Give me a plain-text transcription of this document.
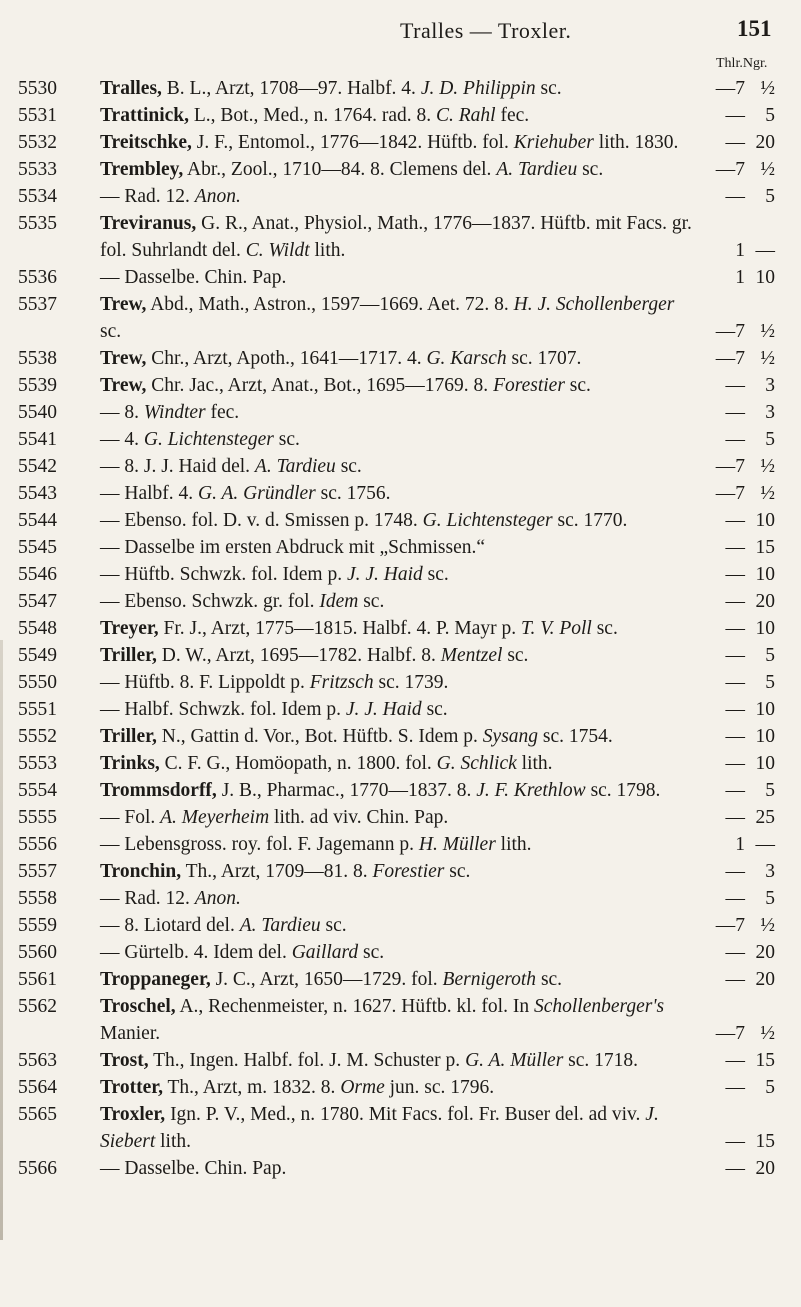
Tralles — Troxler.	151
Thlr.Ngr.
5530	Tralles, B. L., Arzt, 1708—97. Halbf. 4. J. D. Philippin sc.	—7 ½
5531	Trattinick, L., Bot., Med., n. 1764. rad. 8. C. Rahl fec.	— 5
5532	Treitschke, J. F., Entomol., 1776—1842. Hüftb. fol. Kriehuber lith. 1830.	— 20
5533	Trembley, Abr., Zool., 1710—84. 8. Clemens del. A. Tardieu sc.	—7 ½
5534	— Rad. 12. Anon.	— 5
5535	Treviranus, G. R., Anat., Physiol., Math., 1776—1837. Hüftb. mit Facs. gr. fol. Suhrlandt del. C. Wildt lith.	1 —
5536	— Dasselbe. Chin. Pap.	1 10
5537	Trew, Abd., Math., Astron., 1597—1669. Aet. 72. 8. H. J. Schollenberger sc.	—7 ½
5538	Trew, Chr., Arzt, Apoth., 1641—1717. 4. G. Karsch sc. 1707.	—7 ½
5539	Trew, Chr. Jac., Arzt, Anat., Bot., 1695—1769. 8. Forestier sc.	— 3
5540	— 8. Windter fec.	— 3
5541	— 4. G. Lichtensteger sc.	— 5
5542	— 8. J. J. Haid del. A. Tardieu sc.	—7 ½
5543	— Halbf. 4. G. A. Gründler sc. 1756.	—7 ½
5544	— Ebenso. fol. D. v. d. Smissen p. 1748. G. Lichtensteger sc. 1770.	— 10
5545	— Dasselbe im ersten Abdruck mit „Schmissen.“	— 15
5546	— Hüftb. Schwzk. fol. Idem p. J. J. Haid sc.	— 10
5547	— Ebenso. Schwzk. gr. fol. Idem sc.	— 20
5548	Treyer, Fr. J., Arzt, 1775—1815. Halbf. 4. P. Mayr p. T. V. Poll sc.	— 10
5549	Triller, D. W., Arzt, 1695—1782. Halbf. 8. Mentzel sc.	— 5
5550	— Hüftb. 8. F. Lippoldt p. Fritzsch sc. 1739.	— 5
5551	— Halbf. Schwzk. fol. Idem p. J. J. Haid sc.	— 10
5552	Triller, N., Gattin d. Vor., Bot. Hüftb. S. Idem p. Sysang sc. 1754.	— 10
5553	Trinks, C. F. G., Homöopath, n. 1800. fol. G. Schlick lith.	— 10
5554	Trommsdorff, J. B., Pharmac., 1770—1837. 8. J. F. Krethlow sc. 1798.	— 5
5555	— Fol. A. Meyerheim lith. ad viv. Chin. Pap.	— 25
5556	— Lebensgross. roy. fol. F. Jagemann p. H. Müller lith.	1 —
5557	Tronchin, Th., Arzt, 1709—81. 8. Forestier sc.	— 3
5558	— Rad. 12. Anon.	— 5
5559	— 8. Liotard del. A. Tardieu sc.	—7 ½
5560	— Gürtelb. 4. Idem del. Gaillard sc.	— 20
5561	Troppaneger, J. C., Arzt, 1650—1729. fol. Bernigeroth sc.	— 20
5562	Troschel, A., Rechenmeister, n. 1627. Hüftb. kl. fol. In Schollenberger's Manier.	—7 ½
5563	Trost, Th., Ingen. Halbf. fol. J. M. Schuster p. G. A. Müller sc. 1718.	— 15
5564	Trotter, Th., Arzt, m. 1832. 8. Orme jun. sc. 1796.	— 5
5565	Troxler, Ign. P. V., Med., n. 1780. Mit Facs. fol. Fr. Buser del. ad viv. J. Siebert lith.	— 15
5566	— Dasselbe. Chin. Pap.	— 20
